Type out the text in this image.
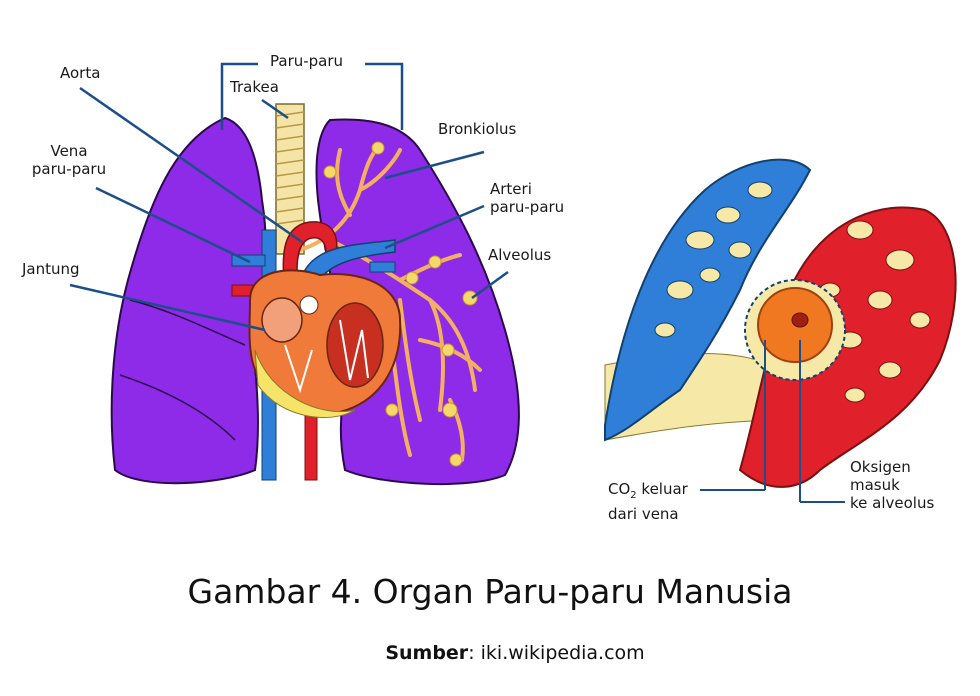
Paru-paru
Aorta
Trakea
Bronkiolus
Vena
paru-paru
Arteri
paru-paru
Jantung
Alveolus
$CO_2$ keluar
dari vena
Oksigen
masuk
ke alveolus
Gambar 4. Organ Paru-paru Manusia
Sumber: iki.wikipedia.com
